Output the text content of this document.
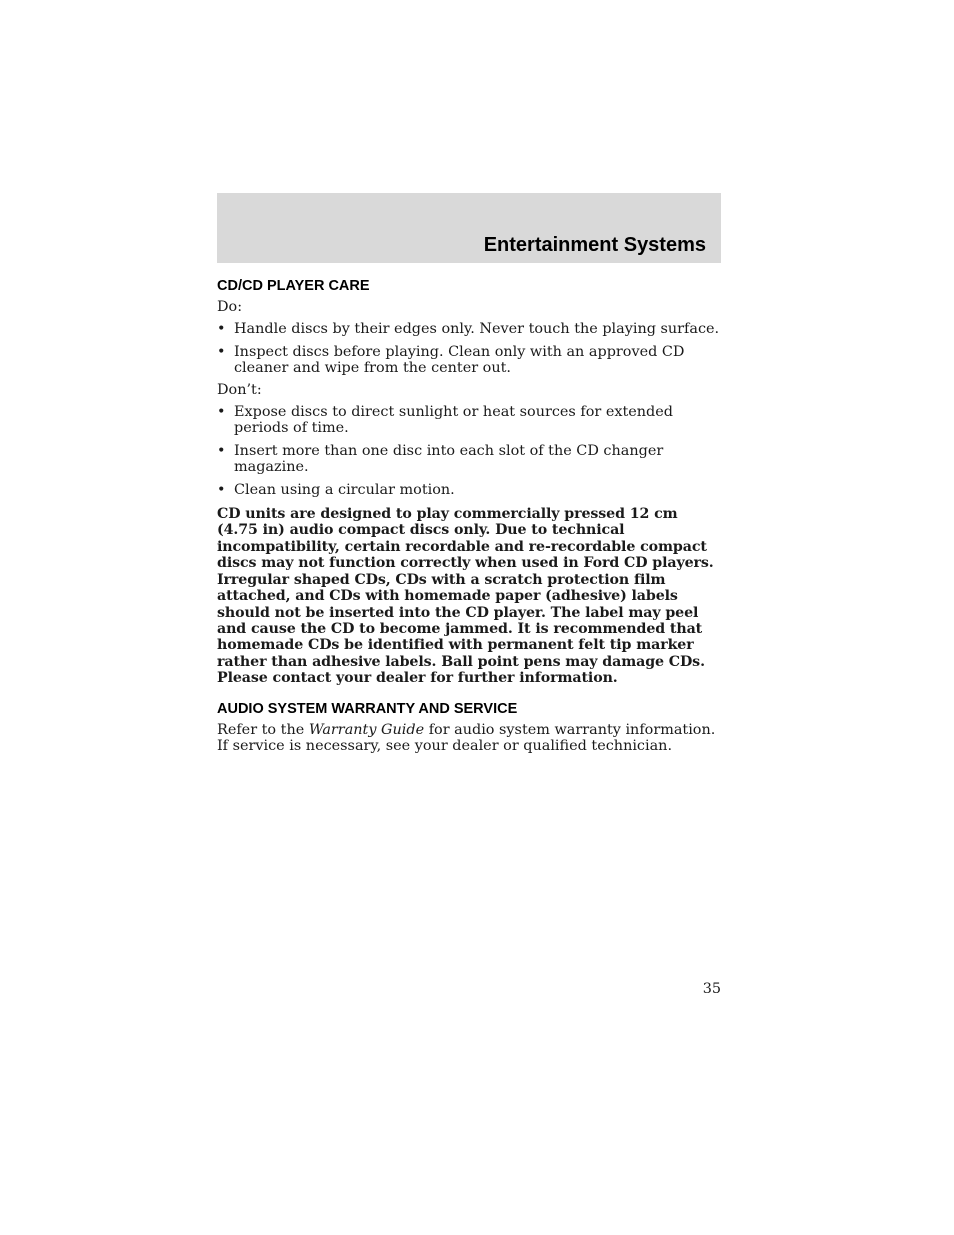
Entertainment Systems
CD/CD PLAYER CARE

Do:

• Handle discs by their edges only. Never touch the playing surface.
• Inspect discs before playing. Clean only with an approved CD cleaner and wipe from the center out.

Don’t:

• Expose discs to direct sunlight or heat sources for extended periods of time.
• Insert more than one disc into each slot of the CD changer magazine.
• Clean using a circular motion.

CD units are designed to play commercially pressed 12 cm (4.75 in) audio compact discs only. Due to technical incompatibility, certain recordable and re-recordable compact discs may not function correctly when used in Ford CD players. Irregular shaped CDs, CDs with a scratch protection film attached, and CDs with homemade paper (adhesive) labels should not be inserted into the CD player. The label may peel and cause the CD to become jammed. It is recommended that homemade CDs be identified with permanent felt tip marker rather than adhesive labels. Ball point pens may damage CDs. Please contact your dealer for further information.

AUDIO SYSTEM WARRANTY AND SERVICE

Refer to the Warranty Guide for audio system warranty information. If service is necessary, see your dealer or qualified technician.

35
